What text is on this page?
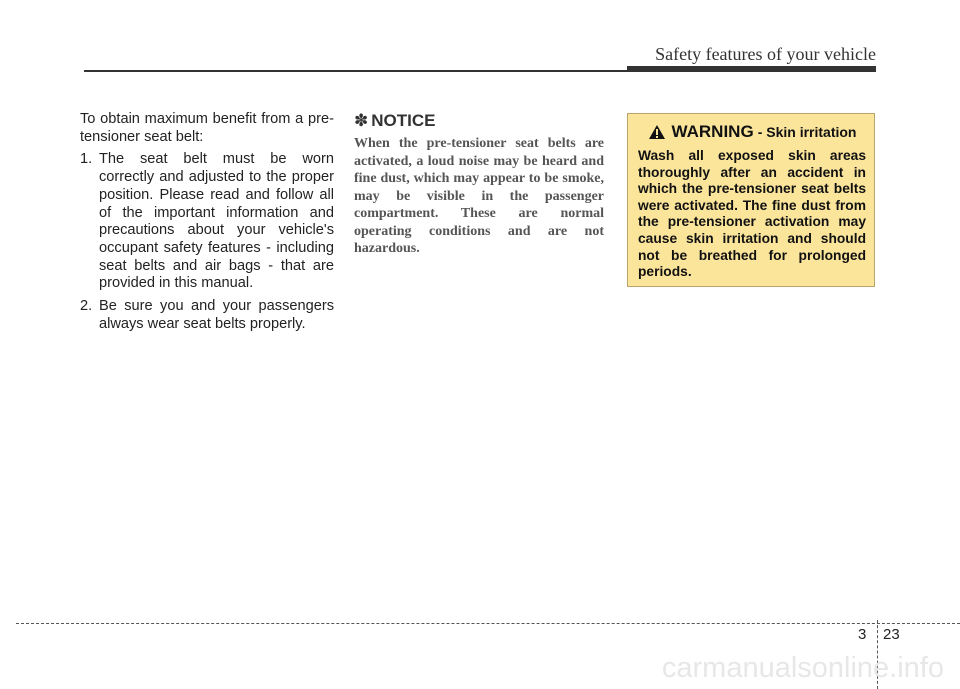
Safety features of your vehicle

To obtain maximum benefit from a pre-tensioner seat belt:

1. The seat belt must be worn correctly and adjusted to the proper position. Please read and follow all of the important information and precautions about your vehicle's occupant safety features - including seat belts and air bags - that are provided in this manual.
2. Be sure you and your passengers always wear seat belts properly.
✽ NOTICE

When the pre-tensioner seat belts are activated, a loud noise may be heard and fine dust, which may appear to be smoke, may be visible in the passenger compartment. These are normal operating conditions and are not hazardous.

WARNING - Skin irritation

Wash all exposed skin areas thoroughly after an accident in which the pre-tensioner seat belts were activated. The fine dust from the pre-tensioner activation may cause skin irritation and should not be breathed for prolonged periods.

3 23
carmanualsonline.info
